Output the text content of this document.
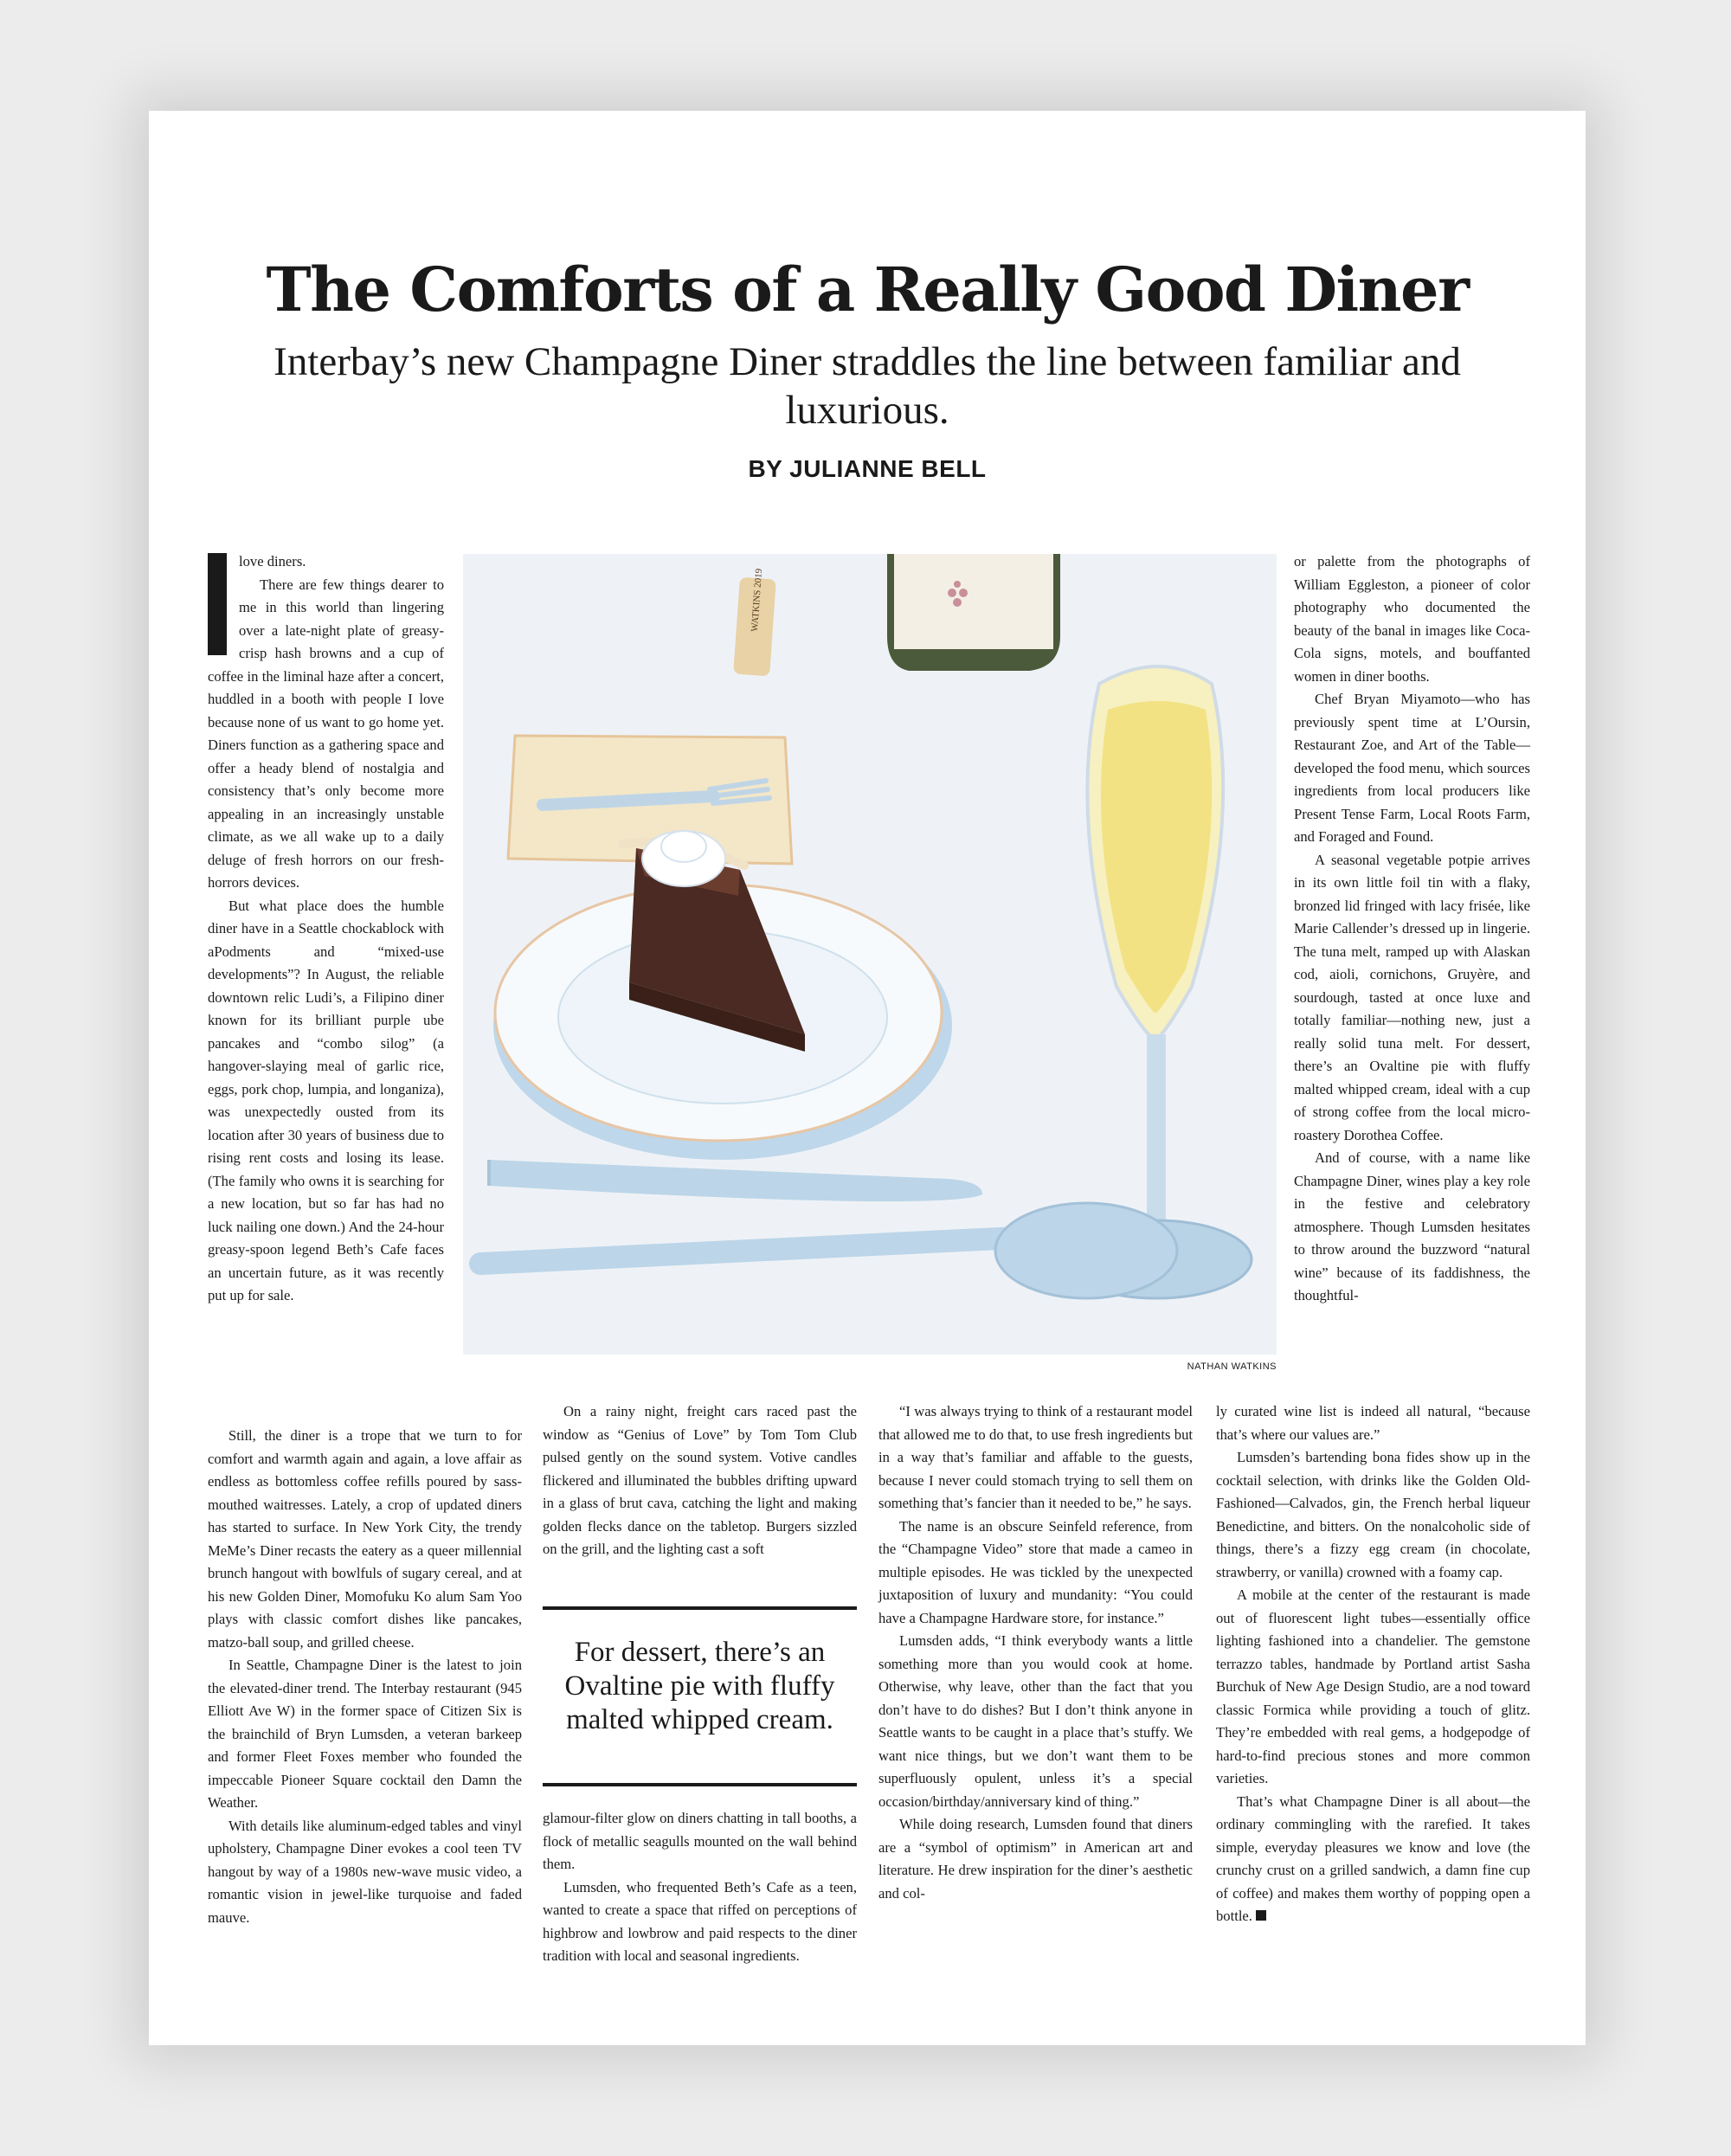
The Comforts of a Really Good Diner

Interbay’s new Champagne Diner straddles the line between familiar and luxurious.

BY JULIANNE BELL

love diners.

There are few things dearer to me in this world than lingering over a late-night plate of greasy-crisp hash browns and a cup of coffee in the liminal haze after a concert, huddled in a booth with people I love because none of us want to go home yet. Diners function as a gathering space and offer a heady blend of nostalgia and consistency that’s only become more appealing in an increasingly unstable climate, as we all wake up to a daily deluge of fresh horrors on our fresh-horrors devices.

But what place does the humble diner have in a Seattle chockablock with aPodments and “mixed-use developments”? In August, the reliable downtown relic Ludi’s, a Filipino diner known for its brilliant purple ube pancakes and “combo silog” (a hangover-slaying meal of garlic rice, eggs, pork chop, lumpia, and longaniza), was unexpectedly ousted from its location after 30 years of business due to rising rent costs and losing its lease. (The family who owns it is searching for a new location, but so far has had no luck nailing one down.) And the 24-hour greasy-spoon legend Beth’s Cafe faces an uncertain future, as it was recently put up for sale.

Still, the diner is a trope that we turn to for comfort and warmth again and again, a love affair as endless as bottomless coffee refills poured by sass-mouthed waitresses. Lately, a crop of updated diners has started to surface. In New York City, the trendy MeMe’s Diner recasts the eatery as a queer millennial brunch hangout with bowlfuls of sugary cereal, and at his new Golden Diner, Momofuku Ko alum Sam Yoo plays with classic comfort dishes like pancakes, matzo-ball soup, and grilled cheese.

In Seattle, Champagne Diner is the latest to join the elevated-diner trend. The Interbay restaurant (945 Elliott Ave W) in the former space of Citizen Six is the brainchild of Bryn Lumsden, a veteran barkeep and former Fleet Foxes member who founded the impeccable Pioneer Square cocktail den Damn the Weather.

With details like aluminum-edged tables and vinyl upholstery, Champagne Diner evokes a cool teen TV hangout by way of a 1980s new-wave music video, a romantic vision in jewel-like turquoise and faded mauve.

WATKINS 2019
NATHAN WATKINS

On a rainy night, freight cars raced past the window as “Genius of Love” by Tom Tom Club pulsed gently on the sound system. Votive candles flickered and illuminated the bubbles drifting upward in a glass of brut cava, catching the light and making golden flecks dance on the tabletop. Burgers sizzled on the grill, and the lighting cast a soft

For dessert, there’s an Ovaltine pie with fluffy malted whipped cream.

glamour-filter glow on diners chatting in tall booths, a flock of metallic seagulls mounted on the wall behind them.

Lumsden, who frequented Beth’s Cafe as a teen, wanted to create a space that riffed on perceptions of highbrow and lowbrow and paid respects to the diner tradition with local and seasonal ingredients.

“I was always trying to think of a restaurant model that allowed me to do that, to use fresh ingredients but in a way that’s familiar and affable to the guests, because I never could stomach trying to sell them on something that’s fancier than it needed to be,” he says.

The name is an obscure Seinfeld reference, from the “Champagne Video” store that made a cameo in multiple episodes. He was tickled by the unexpected juxtaposition of luxury and mundanity: “You could have a Champagne Hardware store, for instance.”

Lumsden adds, “I think everybody wants a little something more than you would cook at home. Otherwise, why leave, other than the fact that you don’t have to do dishes? But I don’t think anyone in Seattle wants to be caught in a place that’s stuffy. We want nice things, but we don’t want them to be superfluously opulent, unless it’s a special occasion/birthday/anniversary kind of thing.”

While doing research, Lumsden found that diners are a “symbol of optimism” in American art and literature. He drew inspiration for the diner’s aesthetic and col-

or palette from the photographs of William Eggleston, a pioneer of color photography who documented the beauty of the banal in images like Coca-Cola signs, motels, and bouffanted women in diner booths.

Chef Bryan Miyamoto—who has previously spent time at L’Oursin, Restaurant Zoe, and Art of the Table—developed the food menu, which sources ingredients from local producers like Present Tense Farm, Local Roots Farm, and Foraged and Found.

A seasonal vegetable potpie arrives in its own little foil tin with a flaky, bronzed lid fringed with lacy frisée, like Marie Callender’s dressed up in lingerie. The tuna melt, ramped up with Alaskan cod, aioli, cornichons, Gruyère, and sourdough, tasted at once luxe and totally familiar—nothing new, just a really solid tuna melt. For dessert, there’s an Ovaltine pie with fluffy malted whipped cream, ideal with a cup of strong coffee from the local micro-roastery Dorothea Coffee.

And of course, with a name like Champagne Diner, wines play a key role in the festive and celebratory atmosphere. Though Lumsden hesitates to throw around the buzzword “natural wine” because of its faddishness, the thoughtful-

ly curated wine list is indeed all natural, “because that’s where our values are.”

Lumsden’s bartending bona fides show up in the cocktail selection, with drinks like the Golden Old-Fashioned—Calvados, gin, the French herbal liqueur Benedictine, and bitters. On the nonalcoholic side of things, there’s a fizzy egg cream (in chocolate, strawberry, or vanilla) crowned with a foamy cap.

A mobile at the center of the restaurant is made out of fluorescent light tubes—essentially office lighting fashioned into a chandelier. The gemstone terrazzo tables, handmade by Portland artist Sasha Burchuk of New Age Design Studio, are a nod toward classic Formica while providing a touch of glitz. They’re embedded with real gems, a hodgepodge of hard-to-find precious stones and more common varieties.

That’s what Champagne Diner is all about—the ordinary commingling with the rarefied. It takes simple, everyday pleasures we know and love (the crunchy crust on a grilled sandwich, a damn fine cup of coffee) and makes them worthy of popping open a bottle.
